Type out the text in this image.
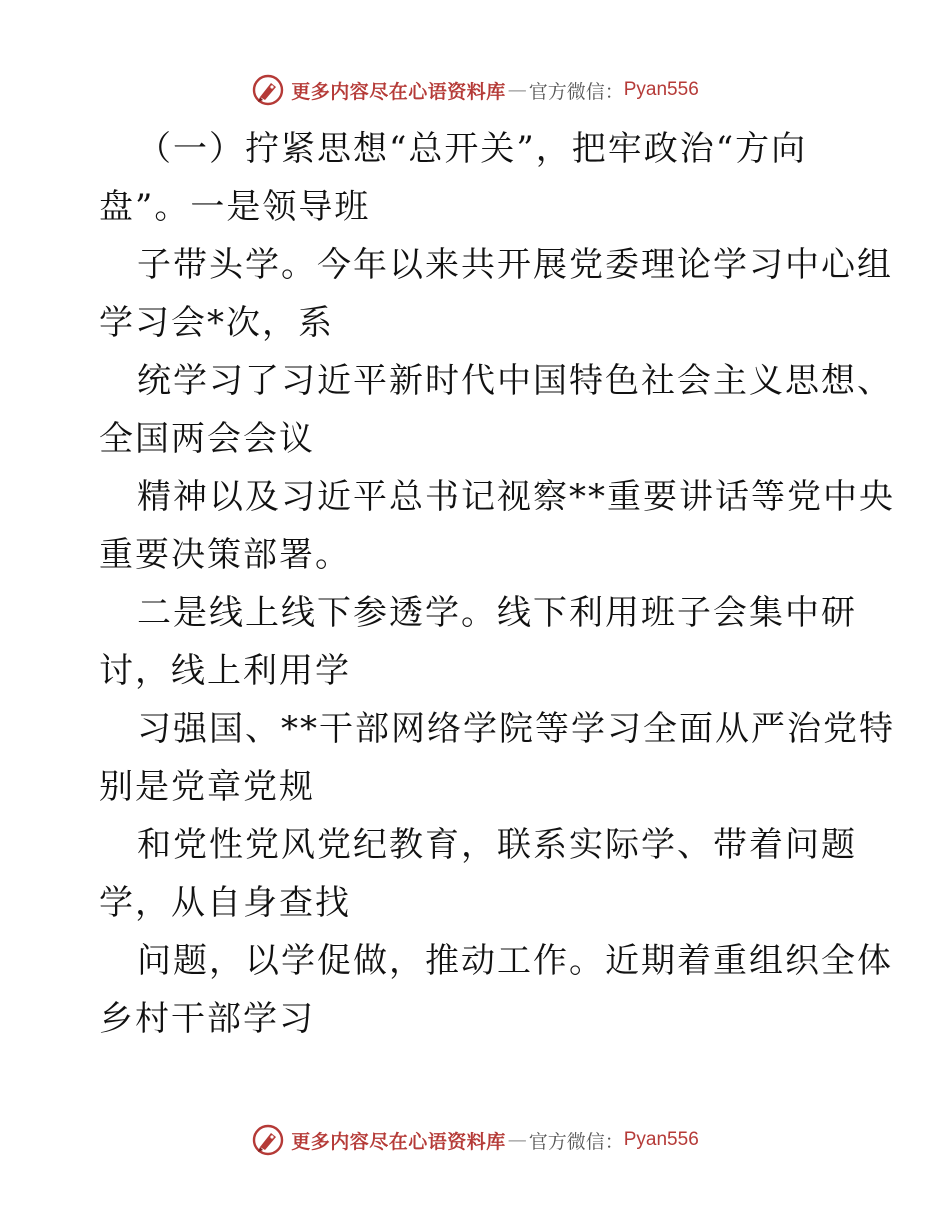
更多内容尽在心语资料库 — 官方微信： Pyan556
（一）拧紧思想“总开关”，把牢政治“方向
盘”。一是领导班
子带头学。今年以来共开展党委理论学习中心组
学习会*次，系
统学习了习近平新时代中国特色社会主义思想、
全国两会会议
精神以及习近平总书记视察**重要讲话等党中央
重要决策部署。
二是线上线下参透学。线下利用班子会集中研
讨，线上利用学
习强国、**干部网络学院等学习全面从严治党特
别是党章党规
和党性党风党纪教育，联系实际学、带着问题
学，从自身查找
问题，以学促做，推动工作。近期着重组织全体
乡村干部学习
更多内容尽在心语资料库 — 官方微信： Pyan556
